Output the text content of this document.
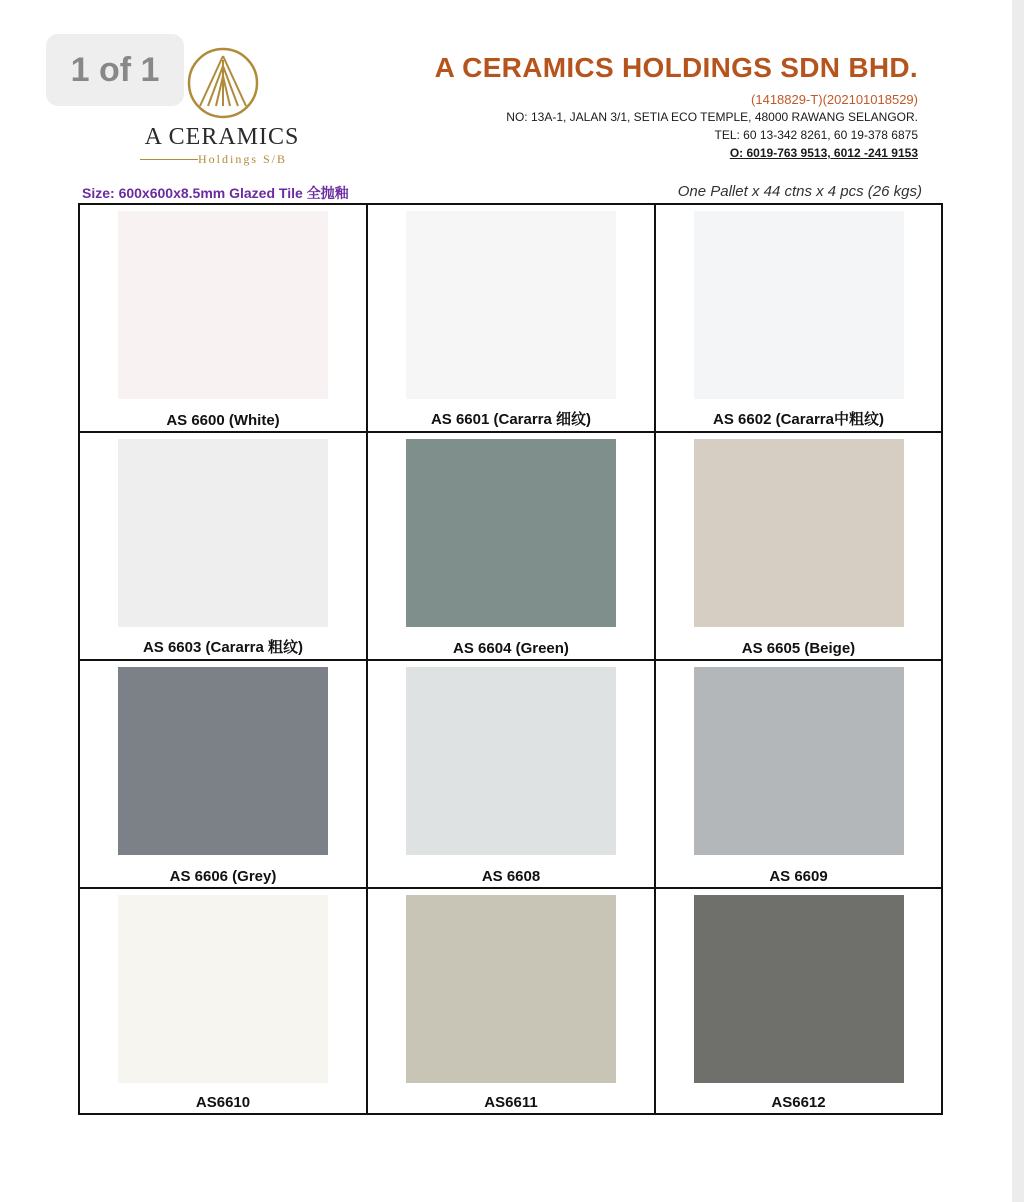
1 of 1
A CERAMICS
Holdings S/B
A CERAMICS HOLDINGS SDN BHD.
(1418829-T)(202101018529)
NO: 13A-1, JALAN 3/1, SETIA ECO TEMPLE, 48000 RAWANG SELANGOR.
TEL: 60 13-342 8261, 60 19-378 6875
O: 6019-763 9513, 6012 -241 9153
Size: 600x600x8.5mm Glazed Tile 全抛釉	One Pallet x 44 ctns x 4 pcs (26 kgs)
AS 6600 (White)	AS 6601 (Cararra 细纹)	AS 6602 (Cararra中粗纹)
AS 6603 (Cararra 粗纹)	AS 6604 (Green)	AS 6605 (Beige)
AS 6606 (Grey)	AS 6608	AS 6609
AS6610	AS6611	AS6612
